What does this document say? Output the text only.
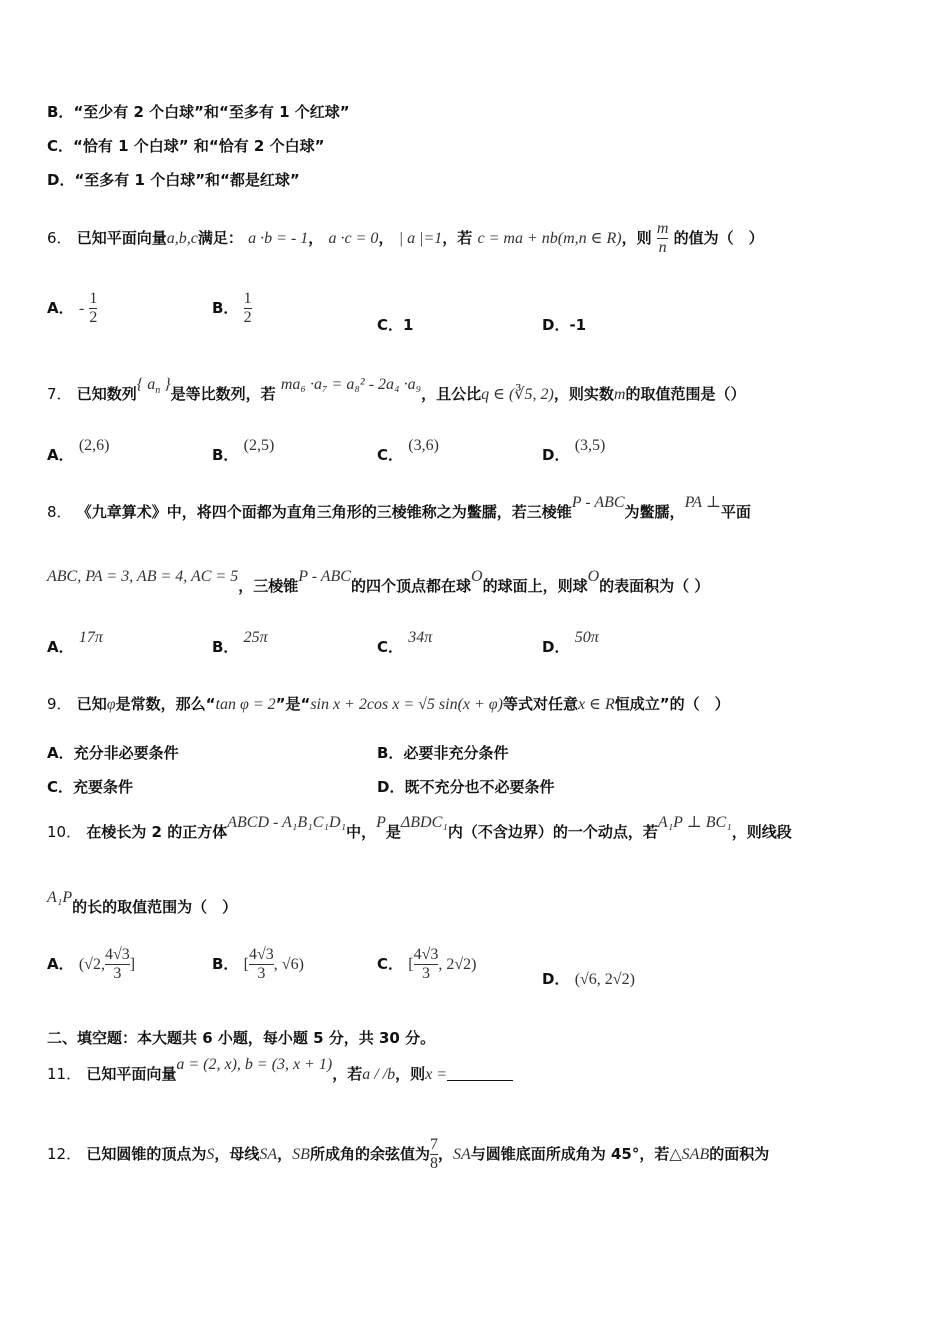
B．“至少有 2 个白球”和“至多有 1 个红球”
C．“恰有 1 个白球” 和“恰有 2 个白球”
D．“至多有 1 个白球”和“都是红球”
6． 已知平面向量a,b,c满足： a ·b = - 1， a ·c = 0， | a |=1，若 c = ma + nb(m,n ∈ R)，则 $\frac{m}{n}$ 的值为（　）
A． - $\frac{1}{2}$	B． $\frac{1}{2}$	C．1	D．-1
7． 已知数列{ $a_n$ }是等比数列，若 ma₆ ·a₇ = a₈² - 2a₄ ·a₉，且公比q ∈ (∛5, 2)，则实数m的取值范围是（）
A． (2,6)
B． (2,5)
C． (3,6)
D． (3,5)
8． 《九章算术》中，将四个面都为直角三角形的三棱锥称之为鳖臑，若三棱锥P - ABC为鳖臑，PA ⊥平面
ABC, PA = 3, AB = 4, AC = 5，三棱锥P - ABC的四个顶点都在球O的球面上，则球O的表面积为（ ）
A． 17π
B． 25π
C． 34π
D． 50π
9． 已知φ是常数，那么“tan φ = 2”是“sin x + 2cos x = √5 sin(x + φ)等式对任意x ∈ R恒成立”的（　）
A．充分非必要条件	B．必要非充分条件
C．充要条件	D．既不充分也不必要条件
10． 在棱长为 2 的正方体ABCD - A₁B₁C₁D₁中，P是ΔBDC₁内（不含边界）的一个动点，若A₁P ⊥ BC₁，则线段
A₁P的长的取值范围为（　）
A． (√2, $\frac{4√3}{3}$ ]	B． [ $\frac{4√3}{3}$ , √6)	C． [ $\frac{4√3}{3}$ , 2√2)
D． (√6, 2√2)
二、填空题：本大题共 6 小题，每小题 5 分，共 30 分。
11． 已知平面向量a = (2, x), b = (3, x + 1)，若a / /b，则x =
12． 已知圆锥的顶点为S，母线SA，SB所成角的余弦值为 $\frac{7}{8}$ ，SA与圆锥底面所成角为 45°，若△SAB的面积为
